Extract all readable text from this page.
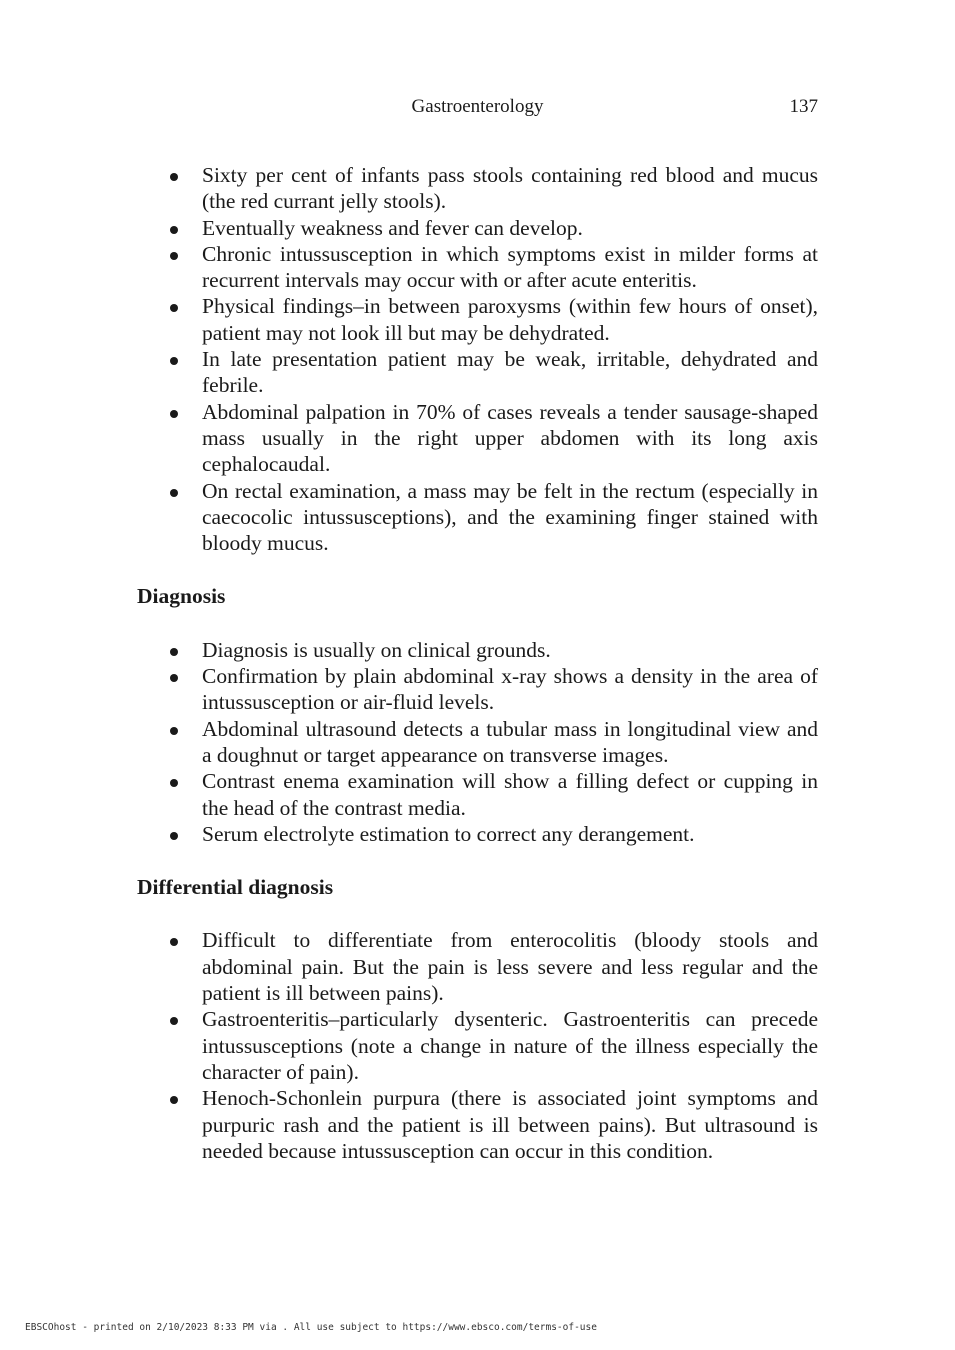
Gastroenterology	137
Sixty per cent of infants pass stools containing red blood and mucus (the red currant jelly stools).
Eventually weakness and fever can develop.
Chronic intussusception in which symptoms exist in milder forms at recurrent intervals may occur with or after acute enteritis.
Physical findings–in between paroxysms (within few hours of onset), patient may not look ill but may be dehydrated.
In late presentation patient may be weak, irritable, dehydrated and febrile.
Abdominal palpation in 70% of cases reveals a tender sausage-shaped mass usually in the right upper abdomen with its long axis cephalocaudal.
On rectal examination, a mass may be felt in the rectum (especially in caecocolic intussusceptions), and the examining finger stained with bloody mucus.
Diagnosis
Diagnosis is usually on clinical grounds.
Confirmation by plain abdominal x-ray shows a density in the area of intussusception or air-fluid levels.
Abdominal ultrasound detects a tubular mass in longitudinal view and a doughnut or target appearance on transverse images.
Contrast enema examination will show a filling defect or cupping in the head of the contrast media.
Serum electrolyte estimation to correct any derangement.
Differential diagnosis
Difficult to differentiate from enterocolitis (bloody stools and abdominal pain. But the pain is less severe and less regular and the patient is ill between pains).
Gastroenteritis–particularly dysenteric. Gastroenteritis can precede intussusceptions (note a change in nature of the illness especially the character of pain).
Henoch-Schonlein purpura (there is associated joint symptoms and purpuric rash and the patient is ill between pains). But ultrasound is needed because intussusception can occur in this condition.
EBSCOhost - printed on 2/10/2023 8:33 PM via . All use subject to https://www.ebsco.com/terms-of-use
